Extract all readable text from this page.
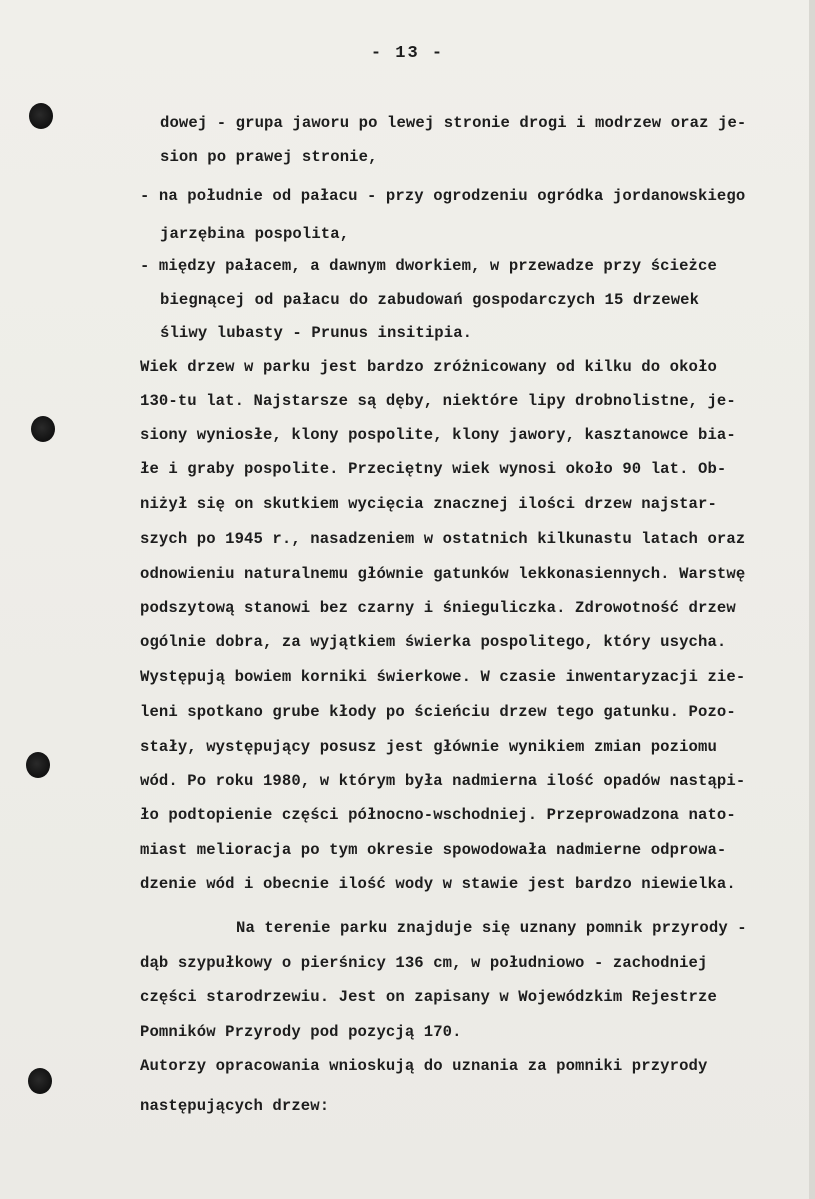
- 13 -
dowej - grupa jaworu po lewej stronie drogi i modrzew oraz je-
sion po prawej stronie,
- na południe od pałacu - przy ogrodzeniu ogródka jordanowskiego
jarzębina pospolita,
- między pałacem, a dawnym dworkiem, w przewadze przy ścieżce
biegnącej od pałacu do zabudowań gospodarczych 15 drzewek
śliwy lubasty - Prunus insitipia.
Wiek drzew w parku jest bardzo zróżnicowany od kilku do około
130-tu lat. Najstarsze są dęby, niektóre lipy drobnolistne, je-
siony wyniosłe, klony pospolite, klony jawory, kasztanowce bia-
łe i graby pospolite. Przeciętny wiek wynosi około 90 lat. Ob-
niżył się on skutkiem wycięcia znacznej ilości drzew najstar-
szych po 1945 r., nasadzeniem w ostatnich kilkunastu latach oraz
odnowieniu naturalnemu głównie gatunków lekkonasiennych. Warstwę
podszytową stanowi bez czarny i śnieguliczka. Zdrowotność drzew
ogólnie dobra, za wyjątkiem świerka pospolitego, który usycha.
Występują bowiem korniki świerkowe. W czasie inwentaryzacji zie-
leni spotkano grube kłody po ścieńciu drzew tego gatunku. Pozo-
stały, występujący posusz jest głównie wynikiem zmian poziomu
wód. Po roku 1980, w którym była nadmierna ilość opadów nastąpi-
ło podtopienie części północno-wschodniej. Przeprowadzona nato-
miast melioracja po tym okresie spowodowała nadmierne odprowa-
dzenie wód i obecnie ilość wody w stawie jest bardzo niewielka.
Na terenie parku znajduje się uznany pomnik przyrody -
dąb szypułkowy o pierśnicy 136 cm, w południowo - zachodniej
części starodrzewiu. Jest on zapisany w Wojewódzkim Rejestrze
Pomników Przyrody pod pozycją 170.
Autorzy opracowania wnioskują do uznania za pomniki przyrody
następujących drzew:
